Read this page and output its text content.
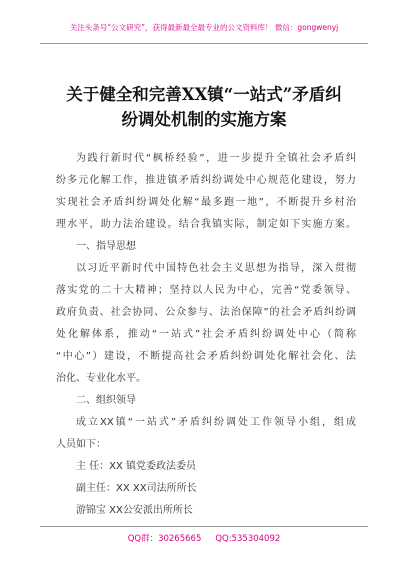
关注头条号“公文研究”，获得最新最全最专业的公文资料库！ 微信：gongwenyj
关于健全和完善XX镇“一站式”矛盾纠
纷调处机制的实施方案
为践行新时代“枫桥经验”，进一步提升全镇社会矛盾纠
纷多元化解工作，推进镇矛盾纠纷调处中心规范化建设，努力
实现社会矛盾纠纷调处化解“最多跑一地”，不断提升乡村治
理水平，助力法治建设。结合我镇实际，制定如下实施方案。
一、指导思想
以习近平新时代中国特色社会主义思想为指导，深入贯彻
落实党的二十大精神；坚持以人民为中心，完善“党委领导、
政府负责、社会协同、公众参与、法治保障”的社会矛盾纠纷调
处化解体系，推动“一站式”社会矛盾纠纷调处中心（简称
“中心”）建设，不断提高社会矛盾纠纷调处化解社会化、法
治化、专业化水平。
二、组织领导
成立XX镇“一站式”矛盾纠纷调处工作领导小组，组成
人员如下：
主 任：XX 镇党委政法委员
副主任：XX XX司法所所长
游锦宝 XX公安派出所所长
QQ群：30265665 QQ:535304092
